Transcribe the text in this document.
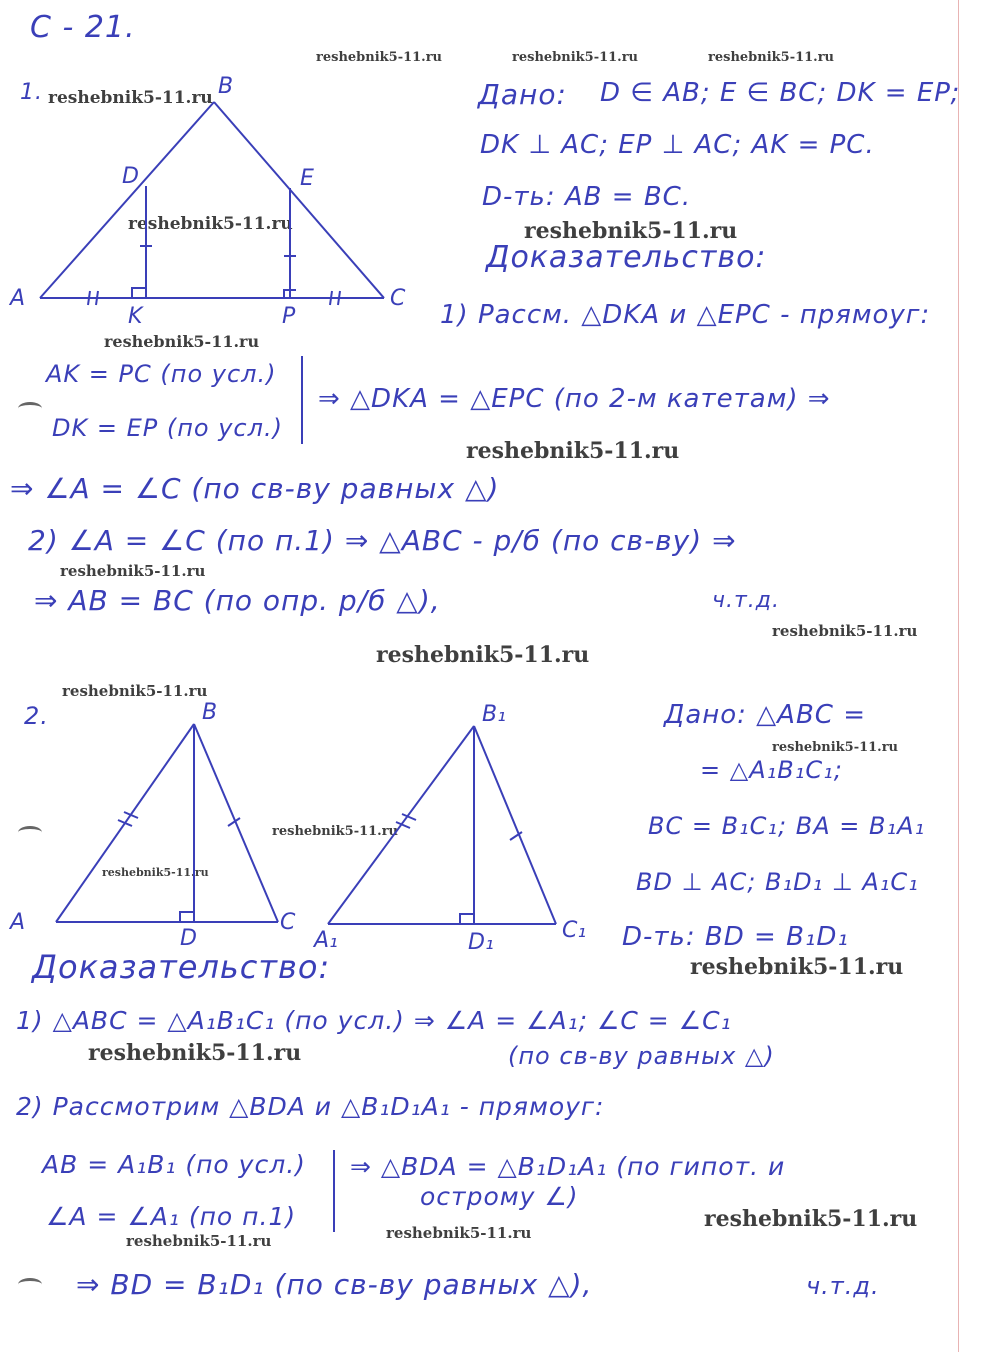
С - 21.
reshebnik5-11.ru	reshebnik5-11.ru	reshebnik5-11.ru
reshebnik5-11.ru
reshebnik5-11.ru	reshebnik5-11.ru
reshebnik5-11.ru
reshebnik5-11.ru
reshebnik5-11.ru
reshebnik5-11.ru
reshebnik5-11.ru
reshebnik5-11.ru
reshebnik5-11.ru
reshebnik5-11.ru
reshebnik5-11.ru
reshebnik5-11.ru
reshebnik5-11.ru
reshebnik5-11.ru
reshebnik5-11.ru
reshebnik5-11.ru
1.	B
D	E
A	C
K	P
Дано: D ∈ AB; E ∈ BC; DK = EP;
DK ⊥ AC; EP ⊥ AC; AK = PC.
D-ть: AB = BC.
Доказательство:
1) Рассм. △DKA и △EPC - прямоуг:
AK = PC (по усл.)
DK = EP (по усл.)
⇒ △DKA = △EPC (по 2-м катетам) ⇒
⇒ ∠A = ∠C (по св-ву равных △)
2) ∠A = ∠C (по п.1) ⇒ △ABC - р/б (по св-ву) ⇒
⇒ AB = BC (по опр. р/б △),	ч.т.д.
2.	B
A	C
D
B₁
A₁	C₁
D₁
Дано: △ABC =
= △A₁B₁C₁;
BC = B₁C₁; BA = B₁A₁
BD ⊥ AC; B₁D₁ ⊥ A₁C₁
D-ть: BD = B₁D₁
Доказательство:
1) △ABC = △A₁B₁C₁ (по усл.) ⇒ ∠A = ∠A₁; ∠C = ∠C₁
(по св-ву равных △)
2) Рассмотрим △BDA и △B₁D₁A₁ - прямоуг:
AB = A₁B₁ (по усл.)
∠A = ∠A₁ (по п.1)
⇒ △BDA = △B₁D₁A₁ (по гипот. и
острому ∠)
⇒ BD = B₁D₁ (по св-ву равных △),	ч.т.д.
